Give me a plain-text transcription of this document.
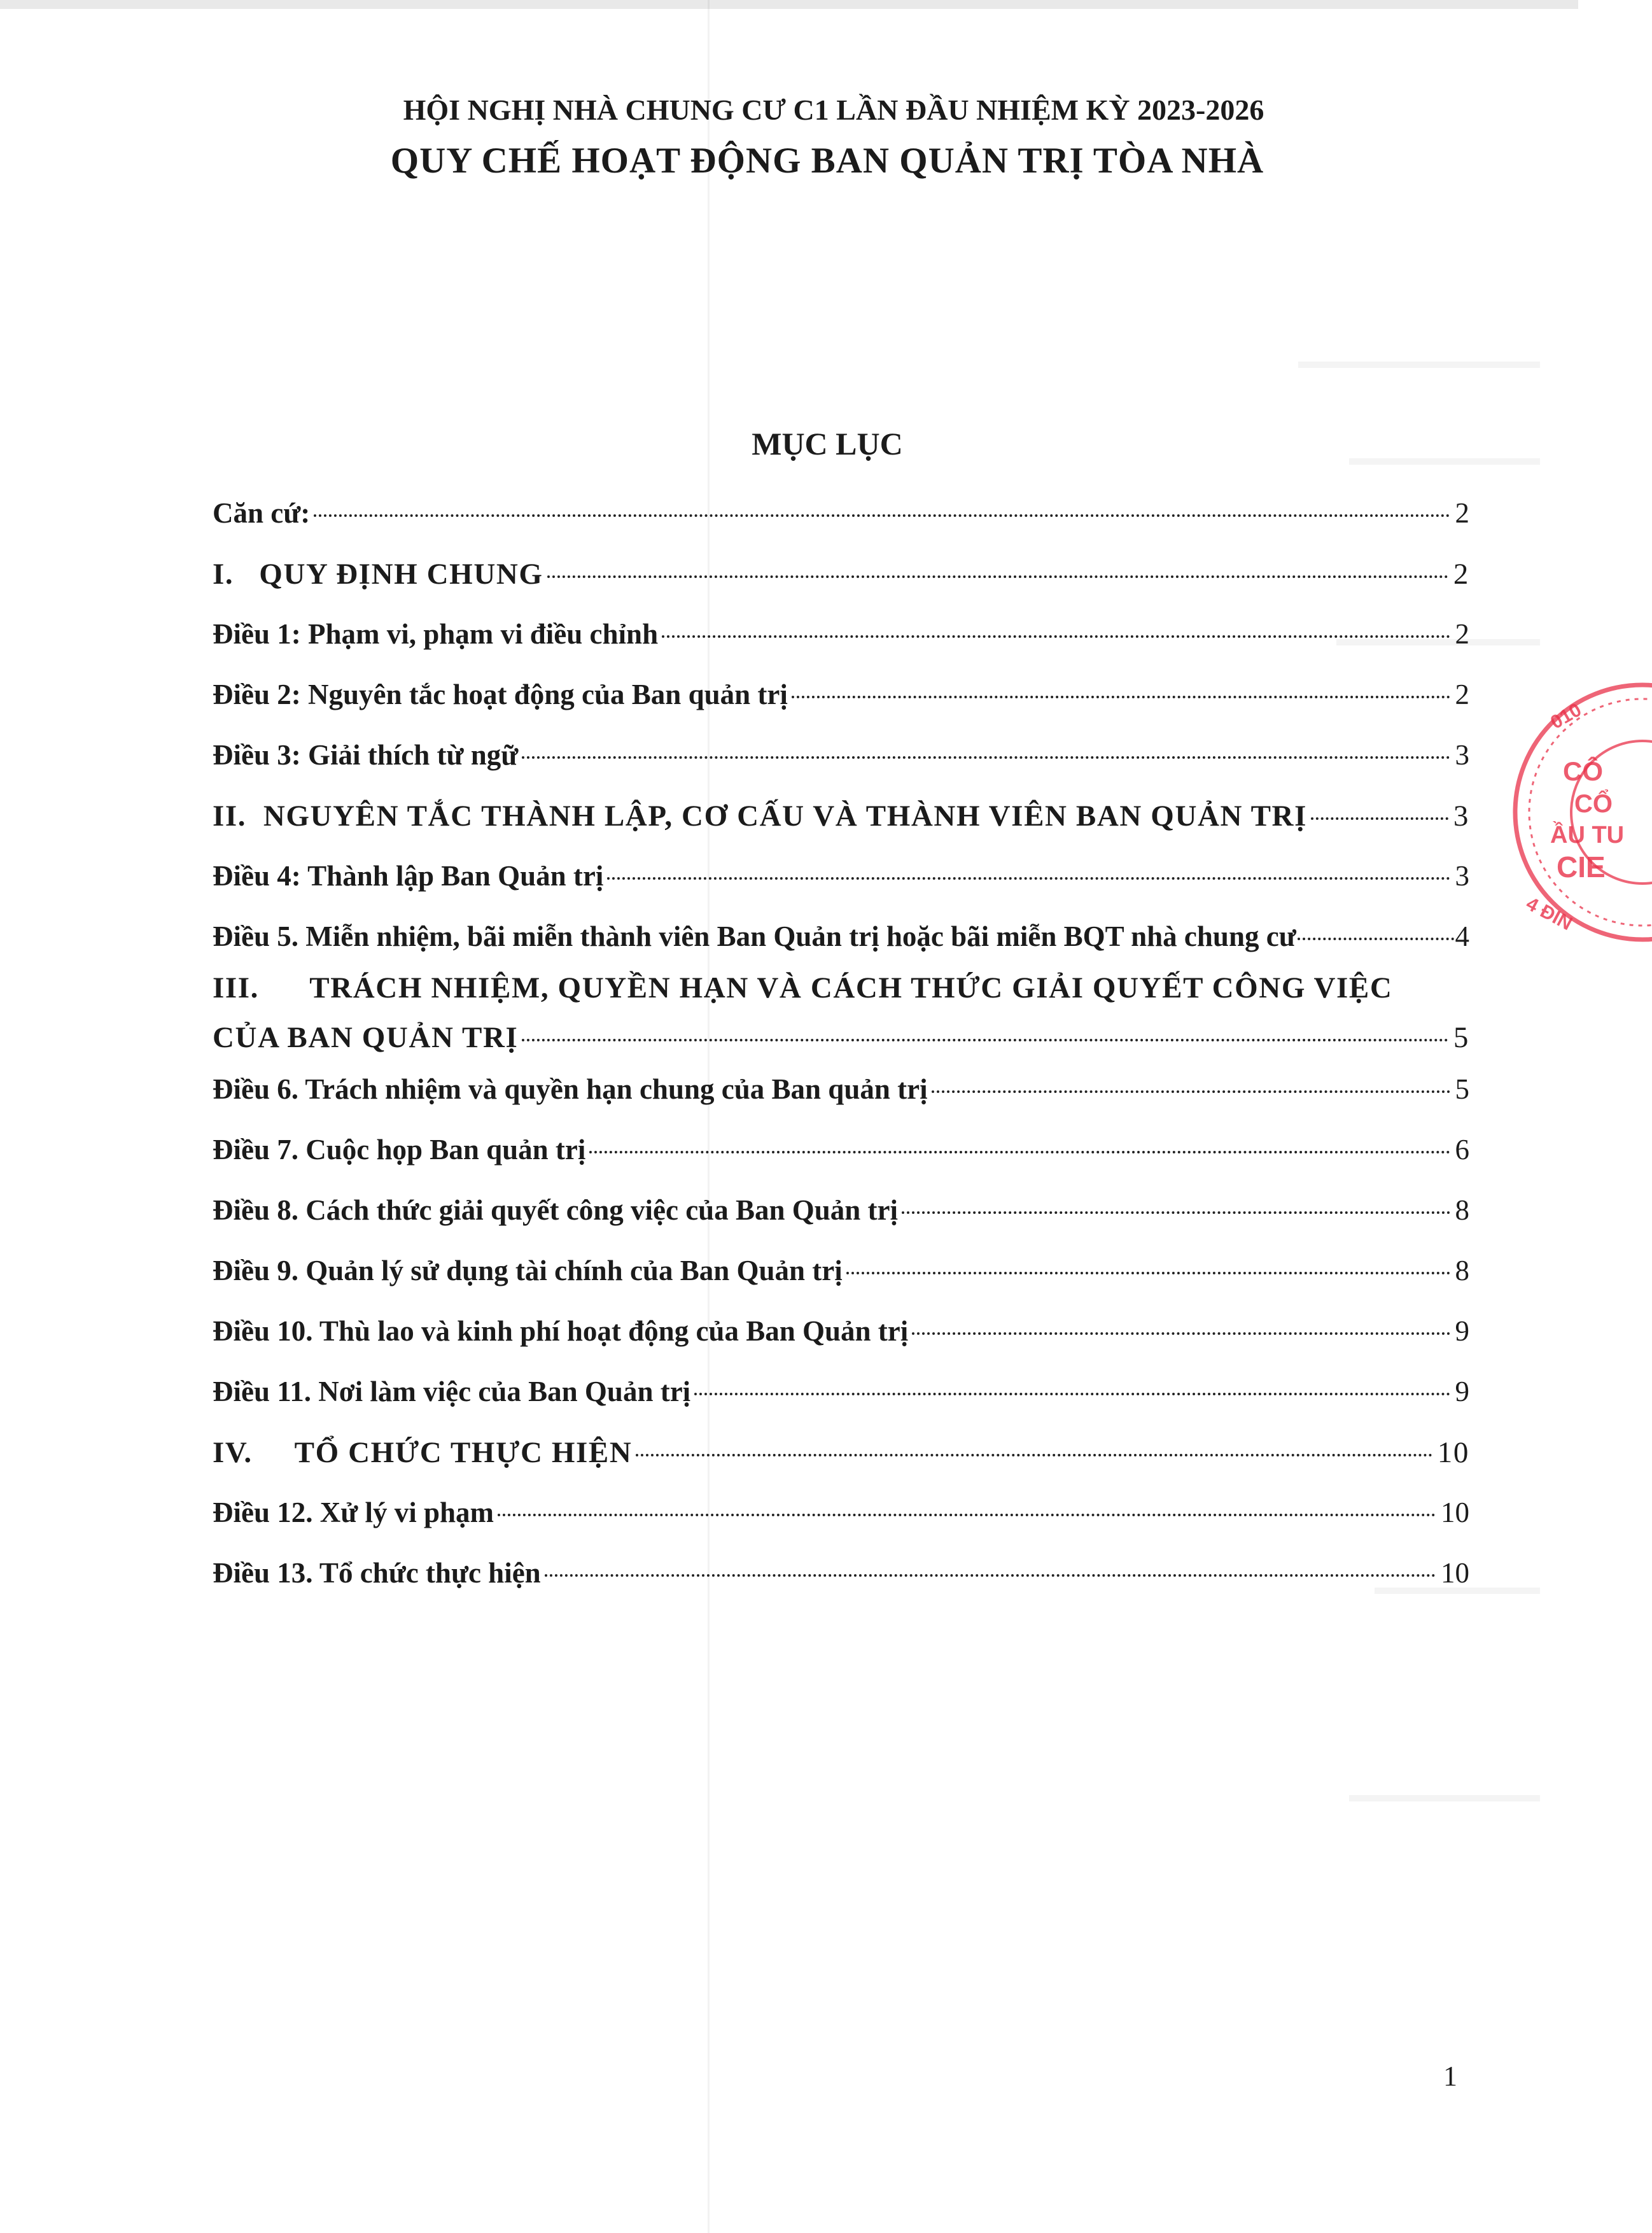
HỘI NGHỊ NHÀ CHUNG CƯ C1 LẦN ĐẦU NHIỆM KỲ 2023-2026
QUY CHẾ HOẠT ĐỘNG BAN QUẢN TRỊ TÒA NHÀ
MỤC LỤC
Căn cứ:	2
I.   QUY ĐỊNH CHUNG	2
Điều 1: Phạm vi, phạm vi điều chỉnh	2
Điều 2: Nguyên tắc hoạt động của Ban quản trị	2
Điều 3: Giải thích từ ngữ	3
II.  NGUYÊN TẮC THÀNH LẬP, CƠ CẤU VÀ THÀNH VIÊN BAN QUẢN TRỊ	3
Điều 4: Thành lập Ban Quản trị	3
Điều 5. Miễn nhiệm, bãi miễn thành viên Ban Quản trị hoặc bãi miễn BQT nhà chung cư	4
III.      TRÁCH NHIỆM, QUYỀN HẠN VÀ CÁCH THỨC GIẢI QUYẾT CÔNG VIỆC
CỦA BAN QUẢN TRỊ	5
Điều 6. Trách nhiệm và quyền hạn chung của Ban quản trị	5
Điều 7. Cuộc họp Ban quản trị	6
Điều 8. Cách thức giải quyết công việc của Ban Quản trị	8
Điều 9. Quản lý sử dụng tài chính của Ban Quản trị	8
Điều 10. Thù lao và kinh phí hoạt động của Ban Quản trị	9
Điều 11. Nơi làm việc của Ban Quản trị	9
IV.     TỔ CHỨC THỰC HIỆN	10
Điều 12. Xử lý vi phạm	10
Điều 13. Tổ chức thực hiện	10
010
CÔ
CỔ
ẦU TU
CIE
4 ĐIN
1
